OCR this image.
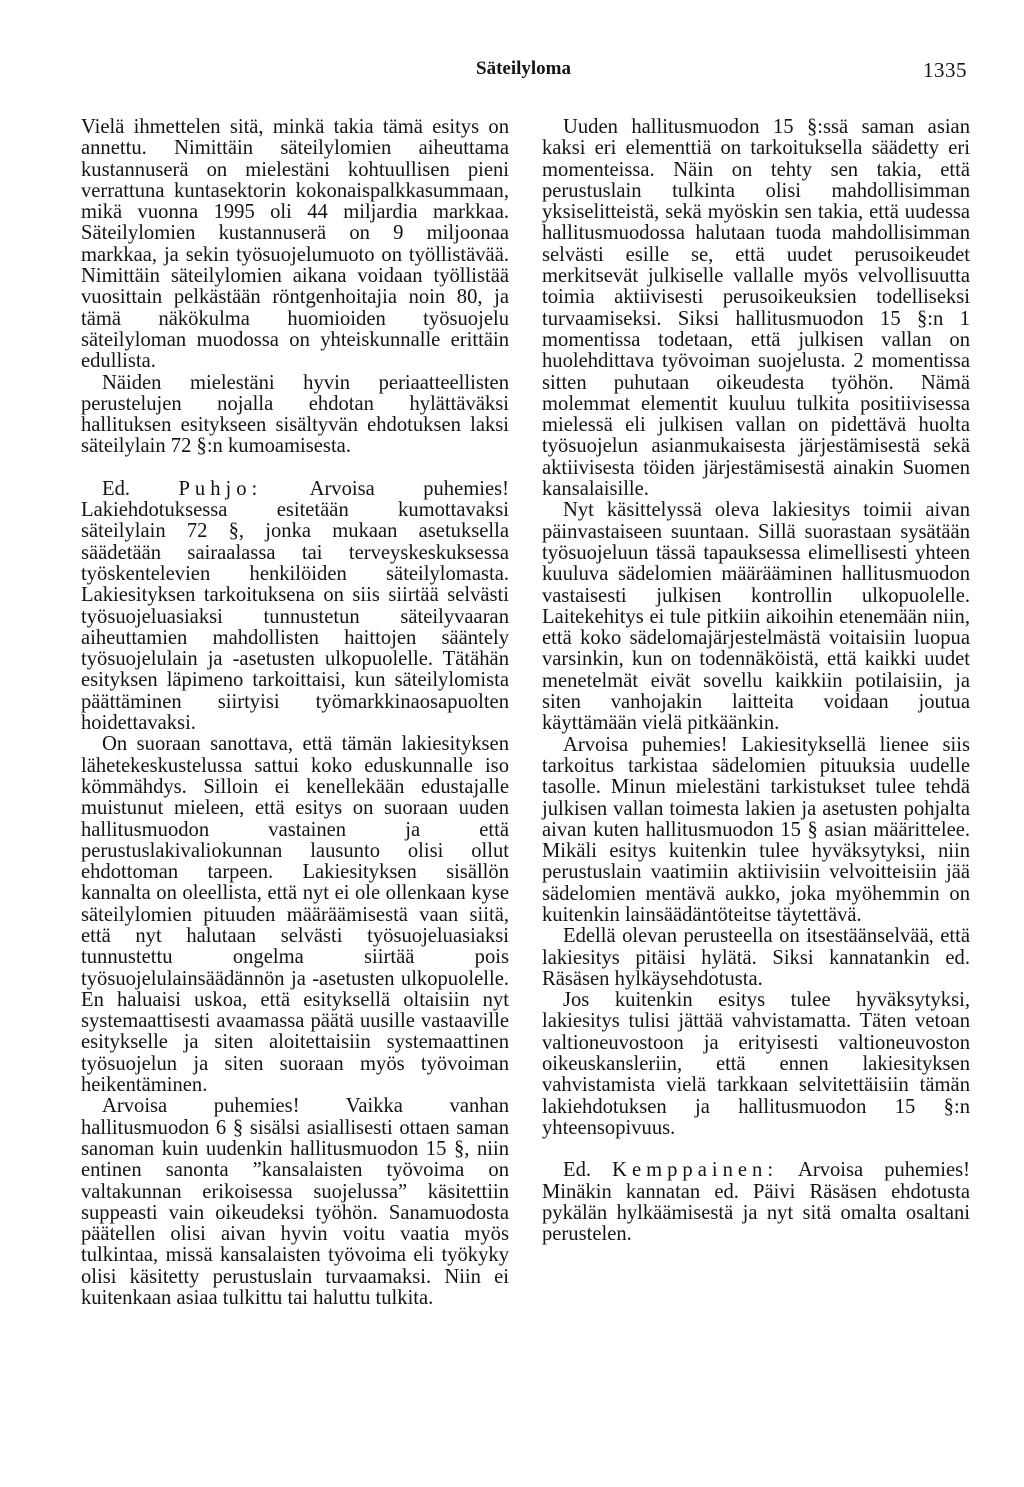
Säteilyloma	1335

Vielä ihmettelen sitä, minkä takia tämä esitys on annettu. Nimittäin säteilylomien aiheuttama kustannuserä on mielestäni kohtuullisen pieni verrattuna kuntasektorin kokonaispalkkasummaan, mikä vuonna 1995 oli 44 miljardia markkaa. Säteilylomien kustannuserä on 9 miljoonaa markkaa, ja sekin työsuojelumuoto on työllistävää. Nimittäin säteilylomien aikana voidaan työllistää vuosittain pelkästään röntgenhoitajia noin 80, ja tämä näkökulma huomioiden työsuojelu säteilyloman muodossa on yhteiskunnalle erittäin edullista.

Näiden mielestäni hyvin periaatteellisten perustelujen nojalla ehdotan hylättäväksi hallituksen esitykseen sisältyvän ehdotuksen laksi säteilylain 72 §:n kumoamisesta.

Ed. Puhjo: Arvoisa puhemies! Lakiehdotuksessa esitetään kumottavaksi säteilylain 72 §, jonka mukaan asetuksella säädetään sairaalassa tai terveyskeskuksessa työskentelevien henkilöiden säteilylomasta. Lakiesityksen tarkoituksena on siis siirtää selvästi työsuojeluasiaksi tunnustetun säteilyvaaran aiheuttamien mahdollisten haittojen sääntely työsuojelulain ja -asetusten ulkopuolelle. Tätähän esityksen läpimeno tarkoittaisi, kun säteilylomista päättäminen siirtyisi työmarkkinaosapuolten hoidettavaksi.

On suoraan sanottava, että tämän lakiesityksen lähetekeskustelussa sattui koko eduskunnalle iso kömmähdys. Silloin ei kenellekään edustajalle muistunut mieleen, että esitys on suoraan uuden hallitusmuodon vastainen ja että perustuslakivaliokunnan lausunto olisi ollut ehdottoman tarpeen. Lakiesityksen sisällön kannalta on oleellista, että nyt ei ole ollenkaan kyse säteilylomien pituuden määräämisestä vaan siitä, että nyt halutaan selvästi työsuojeluasiaksi tunnustettu ongelma siirtää pois työsuojelulainsäädännön ja -asetusten ulkopuolelle. En haluaisi uskoa, että esityksellä oltaisiin nyt systemaattisesti avaamassa päätä uusille vastaaville esitykselle ja siten aloitettaisiin systemaattinen työsuojelun ja siten suoraan myös työvoiman heikentäminen.

Arvoisa puhemies! Vaikka vanhan hallitusmuodon 6 § sisälsi asiallisesti ottaen saman sanoman kuin uudenkin hallitusmuodon 15 §, niin entinen sanonta ”kansalaisten työvoima on valtakunnan erikoisessa suojelussa” käsitettiin suppeasti vain oikeudeksi työhön. Sanamuodosta päätellen olisi aivan hyvin voitu vaatia myös tulkintaa, missä kansalaisten työvoima eli työkyky olisi käsitetty perustuslain turvaamaksi. Niin ei kuitenkaan asiaa tulkittu tai haluttu tulkita.

Uuden hallitusmuodon 15 §:ssä saman asian kaksi eri elementtiä on tarkoituksella säädetty eri momenteissa. Näin on tehty sen takia, että perustuslain tulkinta olisi mahdollisimman yksiselitteistä, sekä myöskin sen takia, että uudessa hallitusmuodossa halutaan tuoda mahdollisimman selvästi esille se, että uudet perusoikeudet merkitsevät julkiselle vallalle myös velvollisuutta toimia aktiivisesti perusoikeuksien todelliseksi turvaamiseksi. Siksi hallitusmuodon 15 §:n 1 momentissa todetaan, että julkisen vallan on huolehdittava työvoiman suojelusta. 2 momentissa sitten puhutaan oikeudesta työhön. Nämä molemmat elementit kuuluu tulkita positiivisessa mielessä eli julkisen vallan on pidettävä huolta työsuojelun asianmukaisesta järjestämisestä sekä aktiivisesta töiden järjestämisestä ainakin Suomen kansalaisille.

Nyt käsittelyssä oleva lakiesitys toimii aivan päinvastaiseen suuntaan. Sillä suorastaan sysätään työsuojeluun tässä tapauksessa elimellisesti yhteen kuuluva sädelomien määrääminen hallitusmuodon vastaisesti julkisen kontrollin ulkopuolelle. Laitekehitys ei tule pitkiin aikoihin etenemään niin, että koko sädelomajärjestelmästä voitaisiin luopua varsinkin, kun on todennäköistä, että kaikki uudet menetelmät eivät sovellu kaikkiin potilaisiin, ja siten vanhojakin laitteita voidaan joutua käyttämään vielä pitkäänkin.

Arvoisa puhemies! Lakiesityksellä lienee siis tarkoitus tarkistaa sädelomien pituuksia uudelle tasolle. Minun mielestäni tarkistukset tulee tehdä julkisen vallan toimesta lakien ja asetusten pohjalta aivan kuten hallitusmuodon 15 § asian määrittelee. Mikäli esitys kuitenkin tulee hyväksytyksi, niin perustuslain vaatimiin aktiivisiin velvoitteisiin jää sädelomien mentävä aukko, joka myöhemmin on kuitenkin lainsäädäntöteitse täytettävä.

Edellä olevan perusteella on itsestäänselvää, että lakiesitys pitäisi hylätä. Siksi kannatankin ed. Räsäsen hylkäysehdotusta.

Jos kuitenkin esitys tulee hyväksytyksi, lakiesitys tulisi jättää vahvistamatta. Täten vetoan valtioneuvostoon ja erityisesti valtioneuvoston oikeuskansleriin, että ennen lakiesityksen vahvistamista vielä tarkkaan selvitettäisiin tämän lakiehdotuksen ja hallitusmuodon 15 §:n yhteensopivuus.

Ed. Kemppainen: Arvoisa puhemies! Minäkin kannatan ed. Päivi Räsäsen ehdotusta pykälän hylkäämisestä ja nyt sitä omalta osaltani perustelen.
